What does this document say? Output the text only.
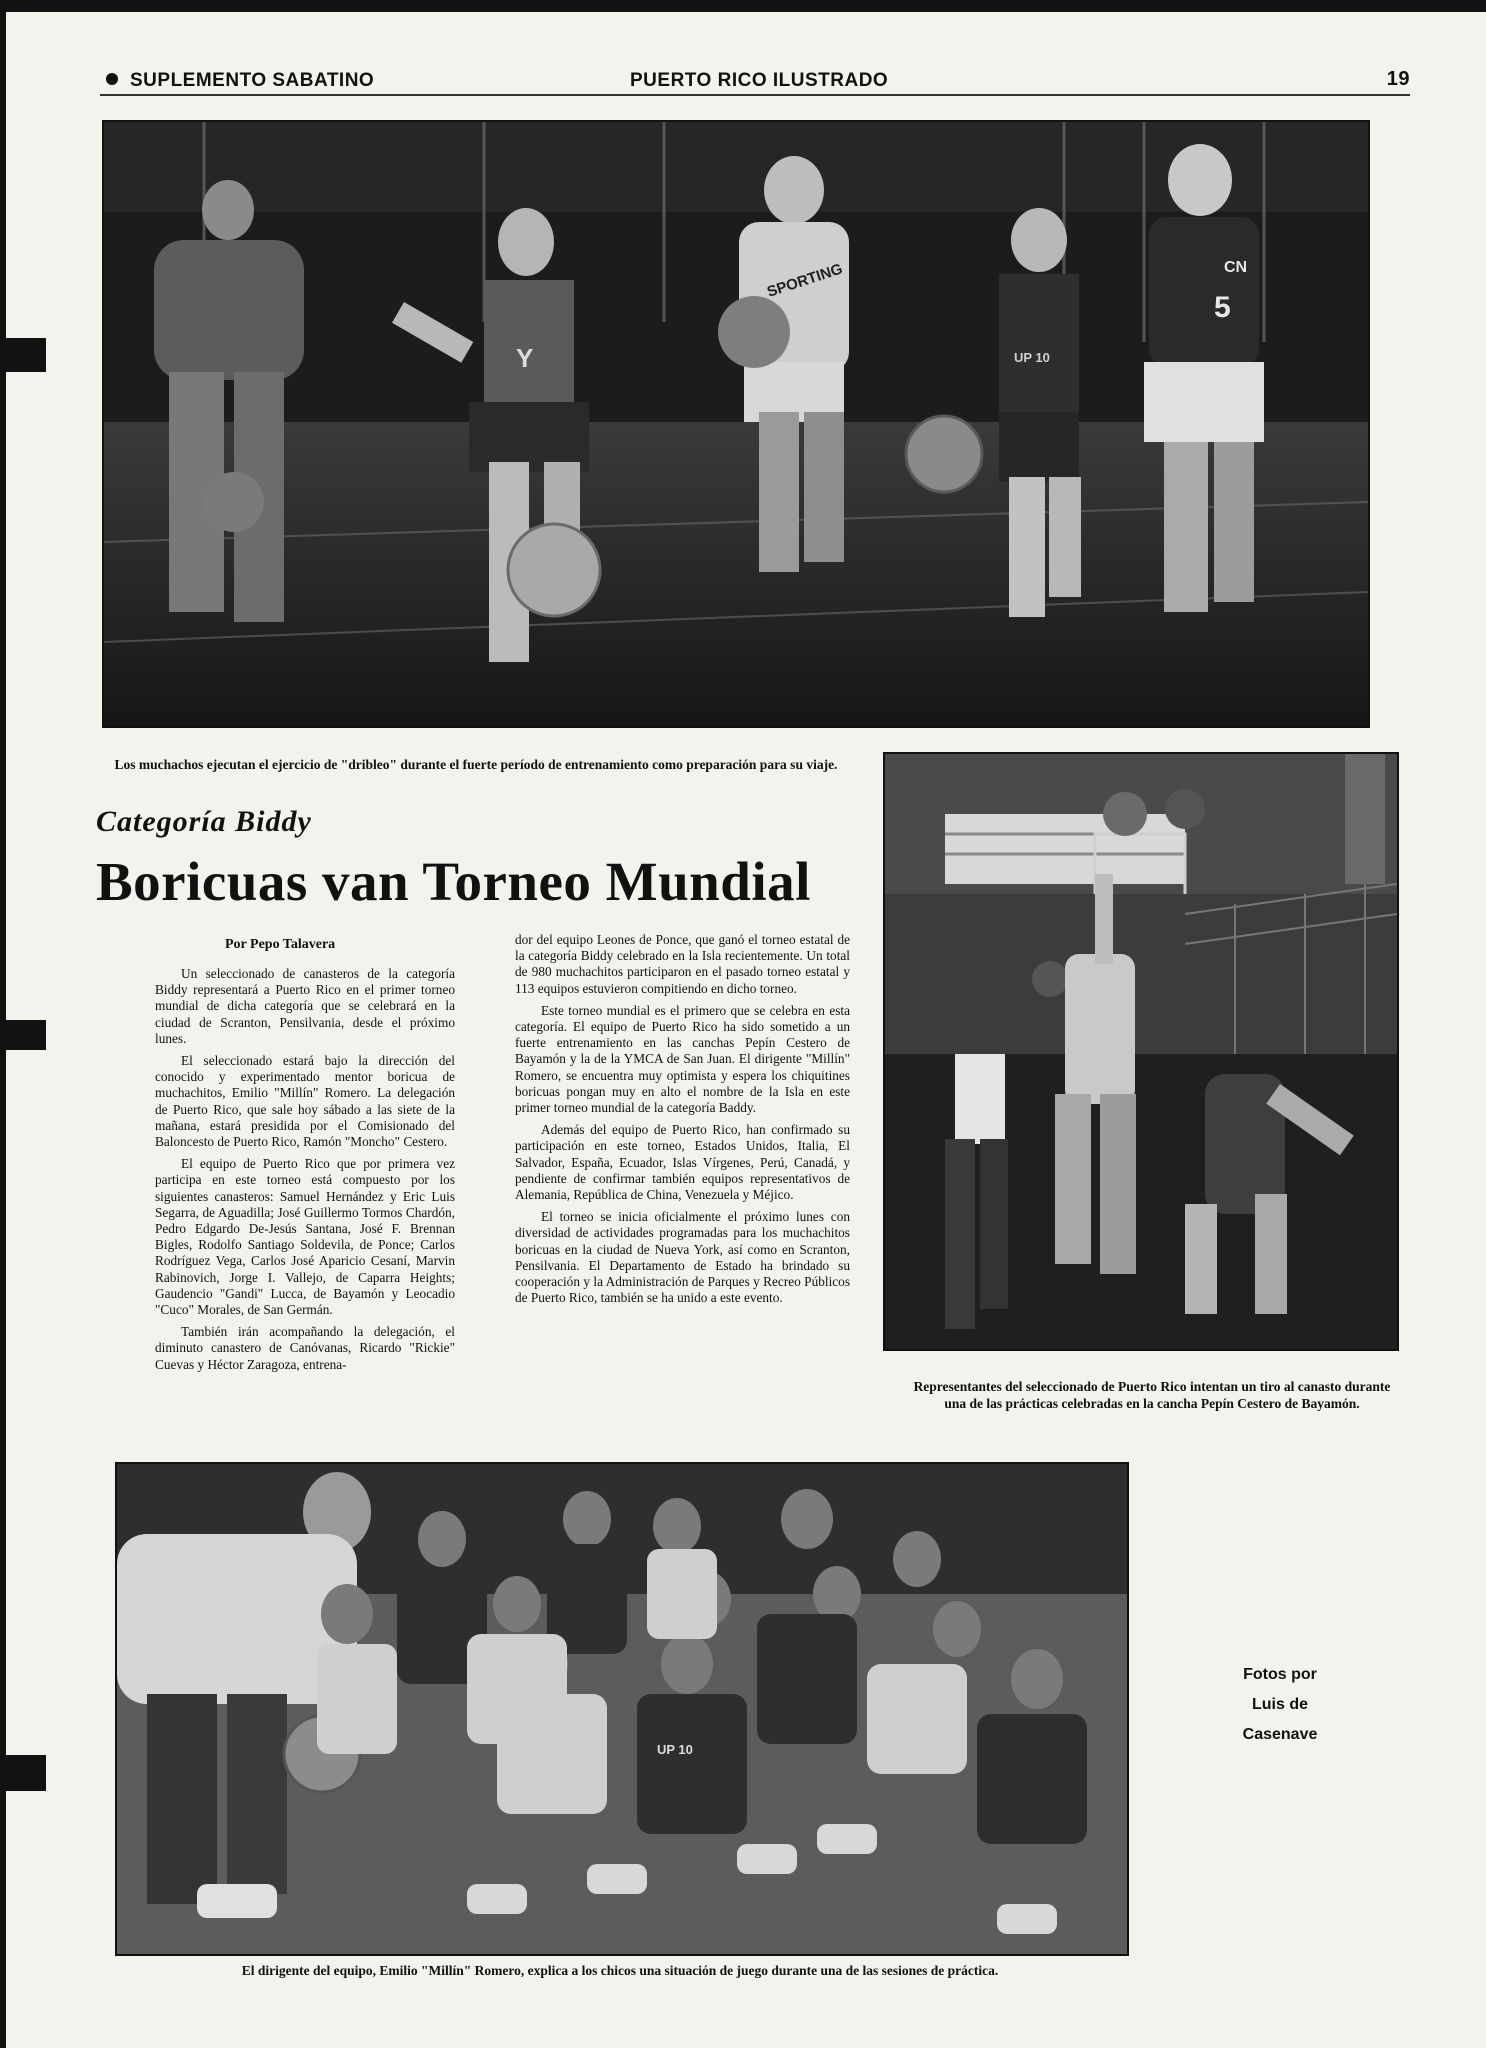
SUPLEMENTO SABATINO	PUERTO RICO ILUSTRADO	19
Y
SPORTING
UP 10
5
CN
Los muchachos ejecutan el ejercicio de "dribleo" durante el fuerte período de entrenamiento como preparación para su viaje.
Categoría Biddy
Boricuas van Torneo Mundial
Por Pepo Talavera

Un seleccionado de canasteros de la categoría Biddy representará a Puerto Rico en el primer torneo mundial de dicha categoría que se celebrará en la ciudad de Scranton, Pensilvania, desde el próximo lunes.

El seleccionado estará bajo la dirección del conocido y experimentado mentor boricua de muchachitos, Emilio "Millín" Romero. La delegación de Puerto Rico, que sale hoy sábado a las siete de la mañana, estará presidida por el Comisionado del Baloncesto de Puerto Rico, Ramón "Moncho" Cestero.

El equipo de Puerto Rico que por primera vez participa en este torneo está compuesto por los siguientes canasteros: Samuel Hernández y Eric Luis Segarra, de Aguadilla; José Guillermo Tormos Chardón, Pedro Edgardo De-Jesús Santana, José F. Brennan Bigles, Rodolfo Santiago Soldevila, de Ponce; Carlos Rodríguez Vega, Carlos José Aparicio Cesaní, Marvin Rabinovich, Jorge I. Vallejo, de Caparra Heights; Gaudencio "Gandi" Lucca, de Bayamón y Leocadio "Cuco" Morales, de San Germán.

También irán acompañando la delegación, el diminuto canastero de Canóvanas, Ricardo "Rickie" Cuevas y Héctor Zaragoza, entrena-

dor del equipo Leones de Ponce, que ganó el torneo estatal de la categoría Biddy celebrado en la Isla recientemente. Un total de 980 muchachitos participaron en el pasado torneo estatal y 113 equipos estuvieron compitiendo en dicho torneo.

Este torneo mundial es el primero que se celebra en esta categoría. El equipo de Puerto Rico ha sido sometido a un fuerte entrenamiento en las canchas Pepín Cestero de Bayamón y la de la YMCA de San Juan. El dirigente "Millín" Romero, se encuentra muy optimista y espera los chiquitines boricuas pongan muy en alto el nombre de la Isla en este primer torneo mundial de la categoría Baddy.

Además del equipo de Puerto Rico, han confirmado su participación en este torneo, Estados Unidos, Italia, El Salvador, España, Ecuador, Islas Vírgenes, Perú, Canadá, y pendiente de confirmar también equipos representativos de Alemania, República de China, Venezuela y Méjico.

El torneo se inicia oficialmente el próximo lunes con diversidad de actividades programadas para los muchachitos boricuas en la ciudad de Nueva York, así como en Scranton, Pensilvania. El Departamento de Estado ha brindado su cooperación y la Administración de Parques y Recreo Públicos de Puerto Rico, también se ha unido a este evento.

Representantes del seleccionado de Puerto Rico intentan un tiro al canasto durante una de las prácticas celebradas en la cancha Pepín Cestero de Bayamón.
UP 10
El dirigente del equipo, Emilio "Millín" Romero, explica a los chicos una situación de juego durante una de las sesiones de práctica.
Fotos por
Luis de
Casenave
